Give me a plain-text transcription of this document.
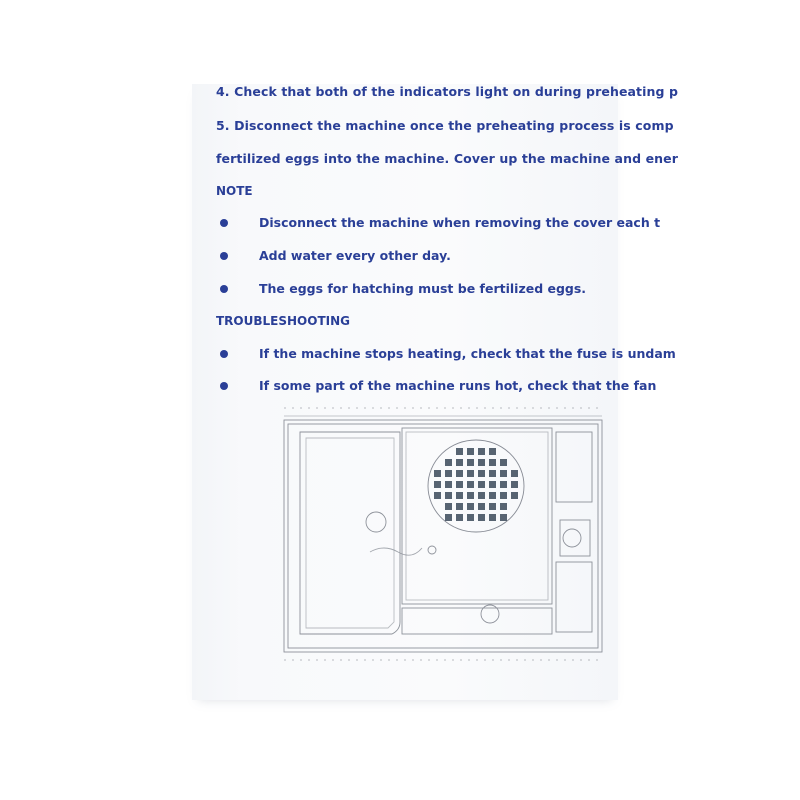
4. Check that both of the indicators light on during preheating p
5. Disconnect the machine once the preheating process is comp
fertilized eggs into the machine. Cover up the machine and ener
NOTE
Disconnect the machine when removing the cover each t
Add water every other day.
The eggs for hatching must be fertilized eggs.
TROUBLESHOOTING
If the machine stops heating, check that the fuse is undam
If some part of the machine runs hot, check that the fan
